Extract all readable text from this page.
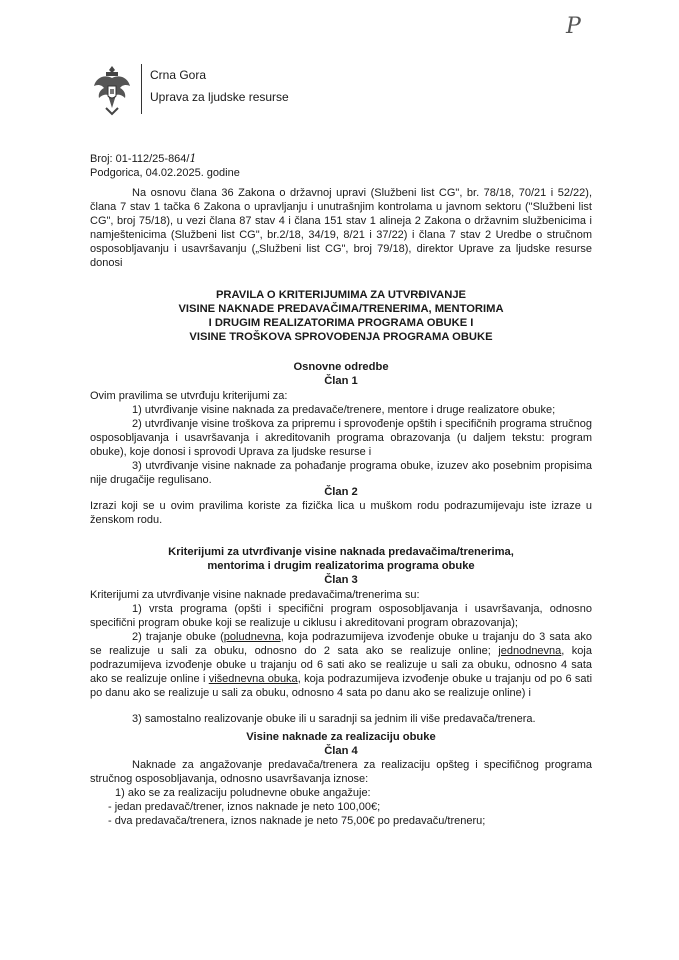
P
Crna Gora
Uprava za ljudske resurse
Broj: 01-112/25-864/1
Podgorica, 04.02.2025. godine
Na osnovu člana 36 Zakona o državnoj upravi (Službeni list CG", br. 78/18, 70/21 i 52/22), člana 7 stav 1 tačka 6 Zakona o upravljanju i unutrašnjim kontrolama u javnom sektoru ("Službeni list CG", broj 75/18), u vezi člana 87 stav 4 i člana 151 stav 1 alineja 2 Zakona o državnim službenicima i namještenicima (Službeni list CG", br.2/18, 34/19, 8/21 i 37/22) i člana 7 stav 2 Uredbe o stručnom osposobljavanju i usavršavanju („Službeni list CG", broj 79/18), direktor Uprave za ljudske resurse donosi
PRAVILA O KRITERIJUMIMA ZA UTVRĐIVANJE
VISINE NAKNADE PREDAVAČIMA/TRENERIMA, MENTORIMA
I DRUGIM REALIZATORIMA PROGRAMA OBUKE I
VISINE TROŠKOVA SPROVOĐENJA PROGRAMA OBUKE
Osnovne odredbe
Član 1
Ovim pravilima se utvrđuju kriterijumi za:
1) utvrđivanje visine naknada za predavače/trenere, mentore i druge realizatore obuke;
2) utvrđivanje visine troškova za pripremu i sprovođenje opštih i specifičnih programa stručnog osposobljavanja i usavršavanja i akreditovanih programa obrazovanja (u daljem tekstu: program obuke), koje donosi i sprovodi Uprava za ljudske resurse i
3) utvrđivanje visine naknade za pohađanje programa obuke, izuzev ako posebnim propisima nije drugačije regulisano.
Član 2
Izrazi koji se u ovim pravilima koriste za fizička lica u muškom rodu podrazumijevaju iste izraze u ženskom rodu.
Kriterijumi za utvrđivanje visine naknada predavačima/trenerima,
mentorima i drugim realizatorima programa obuke
Član 3
Kriterijumi za utvrđivanje visine naknade predavačima/trenerima su:
1) vrsta programa (opšti i specifični program osposobljavanja i usavršavanja, odnosno specifični program obuke koji se realizuje u ciklusu i akreditovani program obrazovanja);
2) trajanje obuke (poludnevna, koja podrazumijeva izvođenje obuke u trajanju do 3 sata ako se realizuje u sali za obuku, odnosno do 2 sata ako se realizuje online; jednodnevna, koja podrazumijeva izvođenje obuke u trajanju od 6 sati ako se realizuje u sali za obuku, odnosno 4 sata ako se realizuje online i višednevna obuka, koja podrazumijeva izvođenje obuke u trajanju od po 6 sati po danu ako se realizuje u sali za obuku, odnosno 4 sata po danu ako se realizuje online) i
3) samostalno realizovanje obuke ili u saradnji sa jednim ili više predavača/trenera.
Visine naknade za realizaciju obuke
Član 4
Naknade za angažovanje predavača/trenera za realizaciju opšteg i specifičnog programa stručnog osposobljavanja, odnosno usavršavanja iznose:
1) ako se za realizaciju poludnevne obuke angažuje:
- jedan predavač/trener, iznos naknade je neto 100,00€;
- dva predavača/trenera, iznos naknade je neto 75,00€ po predavaču/treneru;
